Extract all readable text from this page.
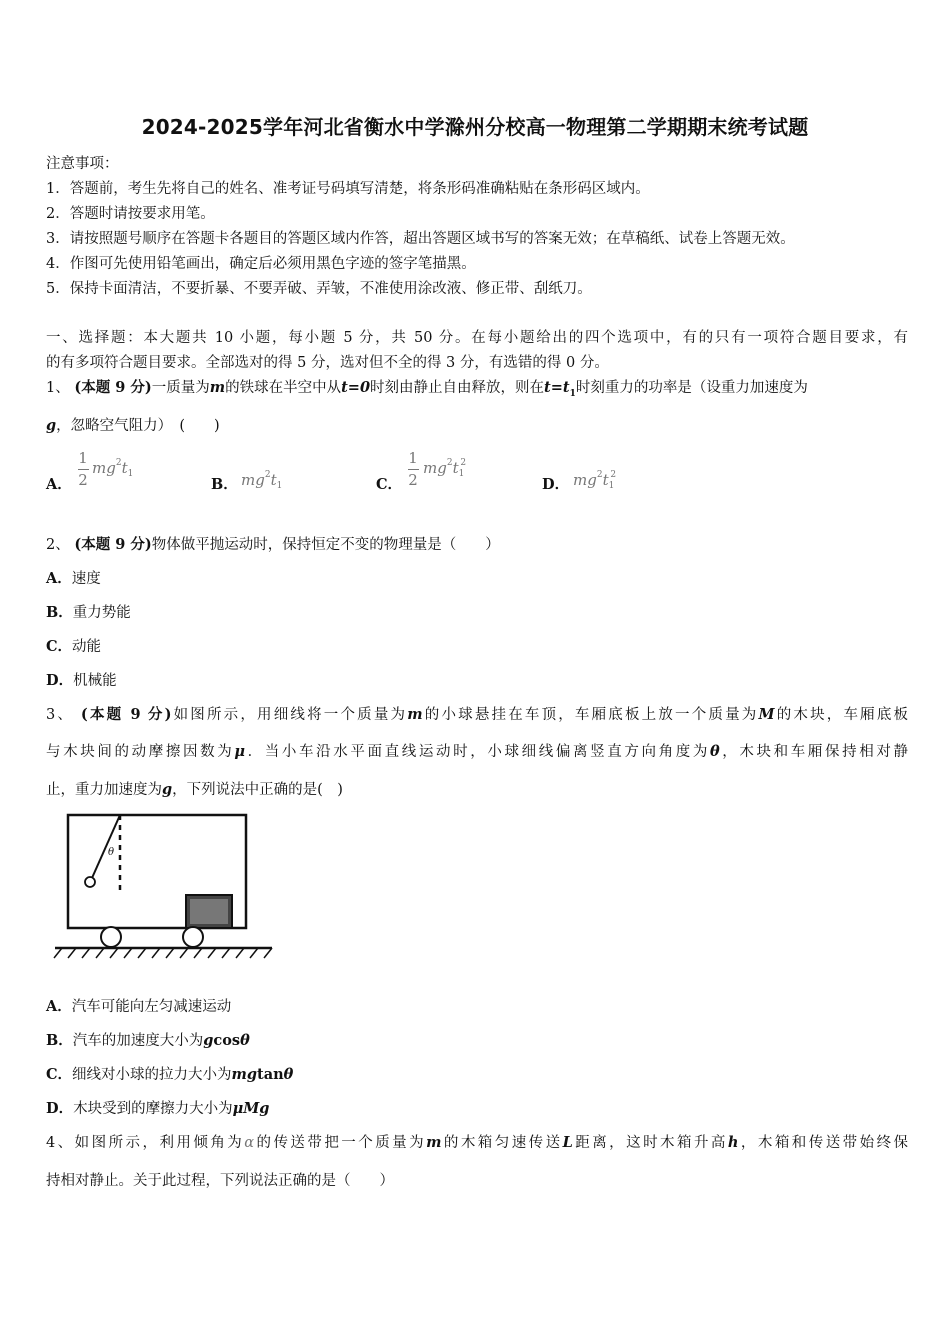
2024-2025学年河北省衡水中学滁州分校高一物理第二学期期末统考试题
注意事项：
1．答题前，考生先将自己的姓名、准考证号码填写清楚，将条形码准确粘贴在条形码区域内。
2．答题时请按要求用笔。
3．请按照题号顺序在答题卡各题目的答题区域内作答，超出答题区域书写的答案无效；在草稿纸、试卷上答题无效。
4．作图可先使用铅笔画出，确定后必须用黑色字迹的签字笔描黑。
5．保持卡面清洁，不要折暴、不要弄破、弄皱，不准使用涂改液、修正带、刮纸刀。
一、选择题：本大题共 10 小题，每小题 5 分，共 50 分。在每小题给出的四个选项中，有的只有一项符合题目要求，有
的有多项符合题目要求。全部选对的得 5 分，选对但不全的得 3 分，有选错的得 0 分。
1、 (本题 9 分)一质量为m的铁球在半空中从t=0时刻由静止自由释放，则在$t=t_1$时刻重力的功率是（设重力加速度为
g，忽略空气阻力）　(　　)
A．
1
2
$mg^2t_1$
B． $mg^2t_1$	C．
1
2
$mg^2t_1^2$
D． $mg^2t_1^2$
2、 (本题 9 分)物体做平抛运动时，保持恒定不变的物理量是（　　）
A．速度
B．重力势能
C．动能
D．机械能
3、 (本题 9 分)如图所示，用细线将一个质量为m的小球悬挂在车顶，车厢底板上放一个质量为M的木块，车厢底板
与木块间的动摩擦因数为μ．当小车沿水平面直线运动时，小球细线偏离竖直方向角度为θ，木块和车厢保持相对静
止，重力加速度为g，下列说法中正确的是(　)
θ
A．汽车可能向左匀减速运动
B．汽车的加速度大小为gcosθ
C．细线对小球的拉力大小为mgtanθ
D．木块受到的摩擦力大小为μMg
4、如图所示，利用倾角为α的传送带把一个质量为m的木箱匀速传送L距离，这时木箱升高h，木箱和传送带始终保
持相对静止。关于此过程，下列说法正确的是（　　）
